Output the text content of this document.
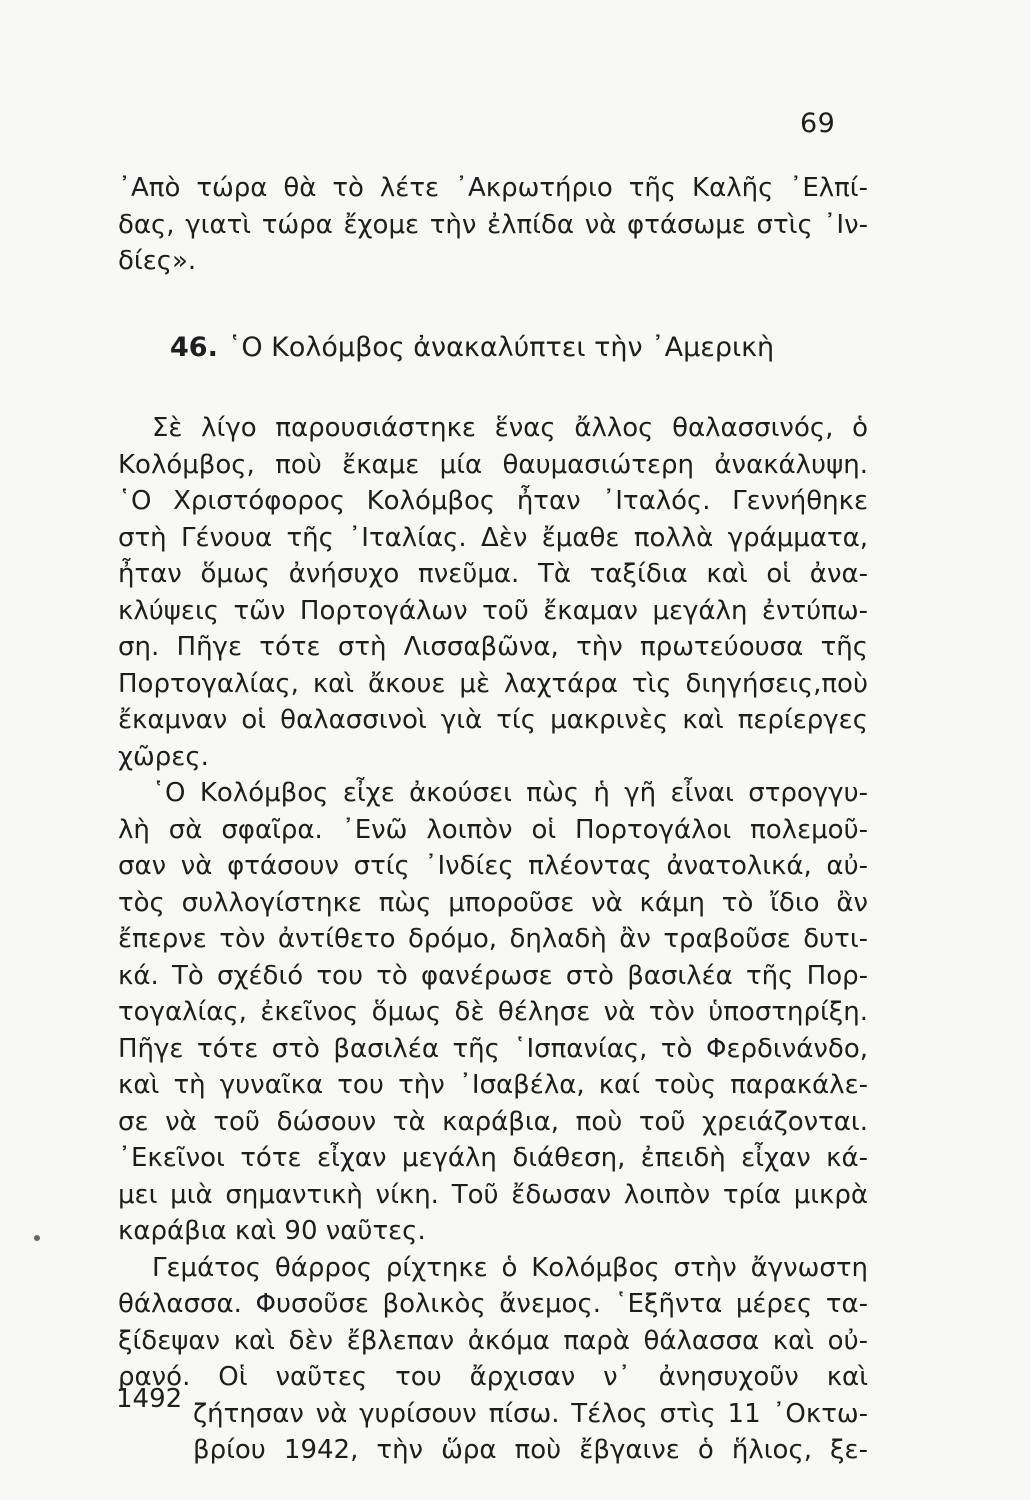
69
᾿Απὸ τώρα θὰ τὸ λέτε ᾿Ακρωτήριο τῆς Καλῆς ᾿Ελπί-
δας, γιατὶ τώρα ἔχομε τὴν ἐλπίδα νὰ φτάσωμε στὶς ᾿Ιν-
δίες».
46. ῾Ο Κολόμβος ἀνακαλύπτει τὴν ᾿Αμερικὴ
Σὲ λίγο παρουσιάστηκε ἕνας ἄλλος θαλασσινός, ὁ
Κολόμβος, ποὺ ἔκαμε μία θαυμασιώτερη ἀνακάλυψη.
῾Ο Χριστόφορος Κολόμβος ἦταν ᾿Ιταλός. Γεννήθηκε
στὴ Γένουα τῆς ᾿Ιταλίας. Δὲν ἔμαθε πολλὰ γράμματα,
ἦταν ὅμως ἀνήσυχο πνεῦμα. Τὰ ταξίδια καὶ οἱ ἀνα-
κλύψεις τῶν Πορτογάλων τοῦ ἔκαμαν μεγάλη ἐντύπω-
ση. Πῆγε τότε στὴ Λισσαβῶνα, τὴν πρωτεύουσα τῆς
Πορτογαλίας, καὶ ἄκουε μὲ λαχτάρα τὶς διηγήσεις,ποὺ
ἔκαμναν οἱ θαλασσινοὶ γιὰ τίς μακρινὲς καὶ περίεργες
χῶρες.
῾Ο Κολόμβος εἶχε ἀκούσει πὼς ἡ γῆ εἶναι στρογγυ-
λὴ σὰ σφαῖρα. ᾿Ενῶ λοιπὸν οἱ Πορτογάλοι πολεμοῦ-
σαν νὰ φτάσουν στίς ᾿Ινδίες πλέοντας ἀνατολικά, αὐ-
τὸς συλλογίστηκε πὼς μποροῦσε νὰ κάμη τὸ ἴδιο ἂν
ἔπερνε τὸν ἀντίθετο δρόμο, δηλαδὴ ἂν τραβοῦσε δυτι-
κά. Τὸ σχέδιό του τὸ φανέρωσε στὸ βασιλέα τῆς Πορ-
τογαλίας, ἐκεῖνος ὅμως δὲ θέλησε νὰ τὸν ὑποστηρίξη.
Πῆγε τότε στὸ βασιλέα τῆς ῾Ισπανίας, τὸ Φερδινάνδο,
καὶ τὴ γυναῖκα του τὴν ᾿Ισαβέλα, καί τοὺς παρακάλε-
σε νὰ τοῦ δώσουν τὰ καράβια, ποὺ τοῦ χρειάζονται.
᾿Εκεῖνοι τότε εἶχαν μεγάλη διάθεση, ἐπειδὴ εἶχαν κά-
μει μιὰ σημαντικὴ νίκη. Τοῦ ἔδωσαν λοιπὸν τρία μικρὰ
καράβια καὶ 90 ναῦτες.
Γεμάτος θάρρος ρίχτηκε ὁ Κολόμβος στὴν ἄγνωστη
θάλασσα. Φυσοῦσε βολικὸς ἄνεμος. ῾Εξῆντα μέρες τα-
ξίδεψαν καὶ δὲν ἔβλεπαν ἀκόμα παρὰ θάλασσα καὶ οὐ-
ρανό. Οἱ ναῦτες του ἄρχισαν ν᾿ ἀνησυχοῦν καὶ
ζήτησαν νὰ γυρίσουν πίσω. Τέλος στὶς 11 ᾿Οκτω-
βρίου 1942, τὴν ὥρα ποὺ ἔβγαινε ὁ ἥλιος, ξε-
1492
